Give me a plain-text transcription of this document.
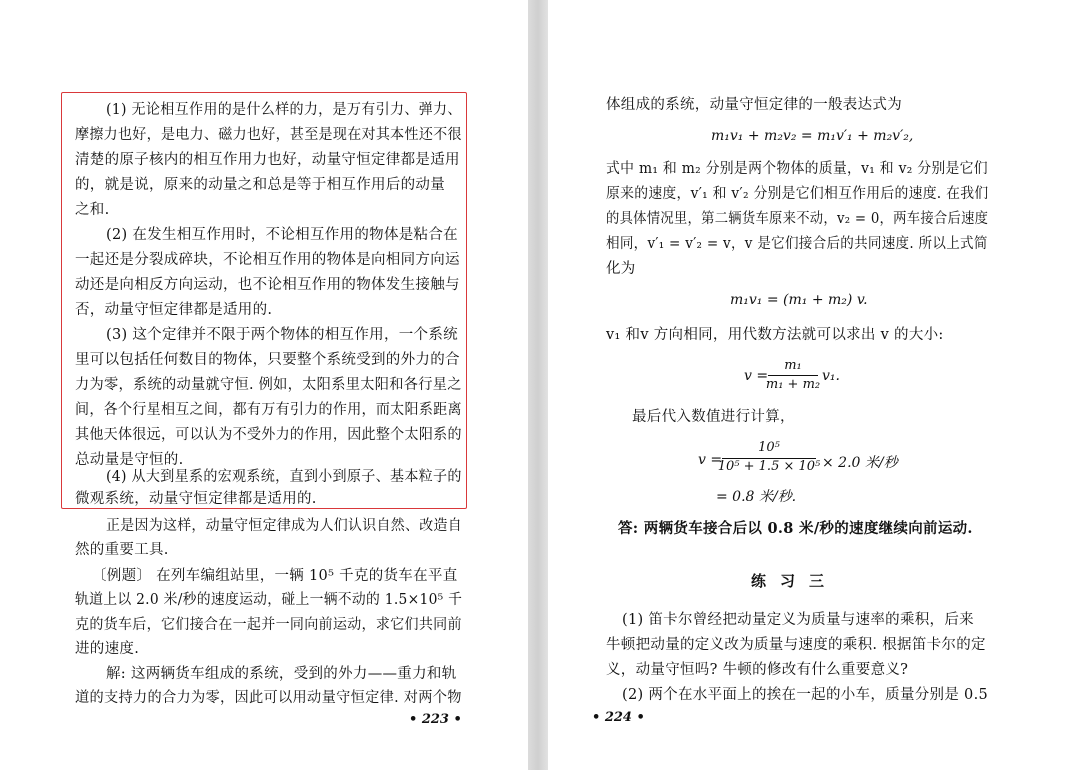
(1) 无论相互作用的是什么样的力，是万有引力、弹力、
摩擦力也好，是电力、磁力也好，甚至是现在对其本性还不很
清楚的原子核内的相互作用力也好，动量守恒定律都是适用
的，就是说，原来的动量之和总是等于相互作用后的动量
之和.
(2) 在发生相互作用时，不论相互作用的物体是粘合在
一起还是分裂成碎块，不论相互作用的物体是向相同方向运
动还是向相反方向运动，也不论相互作用的物体发生接触与
否，动量守恒定律都是适用的.
(3) 这个定律并不限于两个物体的相互作用，一个系统
里可以包括任何数目的物体，只要整个系统受到的外力的合
力为零，系统的动量就守恒. 例如，太阳系里太阳和各行星之
间，各个行星相互之间，都有万有引力的作用，而太阳系距离
其他天体很远，可以认为不受外力的作用，因此整个太阳系的
总动量是守恒的.
(4) 从大到星系的宏观系统，直到小到原子、基本粒子的
微观系统，动量守恒定律都是适用的.
正是因为这样，动量守恒定律成为人们认识自然、改造自
然的重要工具.
〔例题〕 在列车编组站里，一辆 10⁵ 千克的货车在平直
轨道上以 2.0 米/秒的速度运动，碰上一辆不动的 1.5×10⁵ 千
克的货车后，它们接合在一起并一同向前运动，求它们共同前
进的速度.
解: 这两辆货车组成的系统，受到的外力——重力和轨
道的支持力的合力为零，因此可以用动量守恒定律. 对两个物
• 223 •
体组成的系统，动量守恒定律的一般表达式为
m₁v₁ + m₂v₂ = m₁v′₁ + m₂v′₂,
式中 m₁ 和 m₂ 分别是两个物体的质量，v₁ 和 v₂ 分别是它们
原来的速度，v′₁ 和 v′₂ 分别是它们相互作用后的速度. 在我们
的具体情况里，第二辆货车原来不动，v₂ = 0，两车接合后速度
相同，v′₁ = v′₂ = v，v 是它们接合后的共同速度. 所以上式简
化为
m₁v₁ = (m₁ + m₂) v.
v₁ 和v 方向相同，用代数方法就可以求出 v 的大小:
v =
m₁
m₁ + m₂
v₁.
最后代入数值进行计算，
v =
10⁵
10⁵ + 1.5 × 10⁵ × 2.0 米/秒
= 0.8 米/秒.
答: 两辆货车接合后以 0.8 米/秒的速度继续向前运动.
练习三
(1) 笛卡尔曾经把动量定义为质量与速率的乘积，后来
牛顿把动量的定义改为质量与速度的乘积. 根据笛卡尔的定
义，动量守恒吗? 牛顿的修改有什么重要意义?
(2) 两个在水平面上的挨在一起的小车，质量分别是 0.5
• 224 •
